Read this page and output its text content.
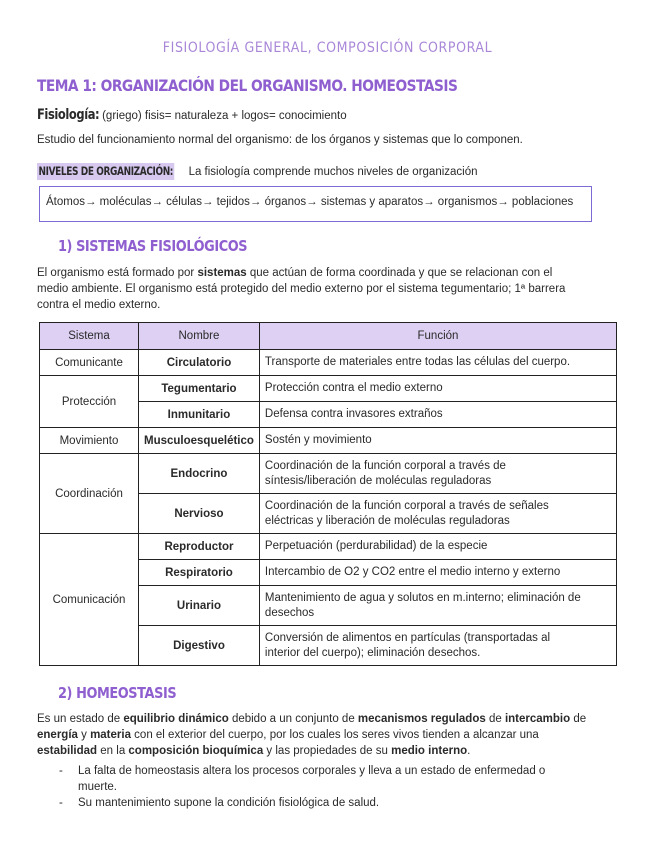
FISIOLOGÍA GENERAL, COMPOSICIÓN CORPORAL
TEMA 1: ORGANIZACIÓN DEL ORGANISMO. HOMEOSTASIS
Fisiología: (griego) fisis= naturaleza + logos= conocimiento
Estudio del funcionamiento normal del organismo: de los órganos y sistemas que lo componen.
NIVELES DE ORGANIZACIÓN: La fisiología comprende muchos niveles de organización
Átomos→ moléculas→ células→ tejidos→ órganos→ sistemas y aparatos→ organismos→ poblaciones
1) SISTEMAS FISIOLÓGICOS
El organismo está formado por sistemas que actúan de forma coordinada y que se relacionan con el
medio ambiente. El organismo está protegido del medio externo por el sistema tegumentario; 1ª barrera
contra el medio externo.
Sistema	Nombre	Función
Comunicante	Circulatorio	Transporte de materiales entre todas las células del cuerpo.
Protección	Tegumentario	Protección contra el medio externo
	Inmunitario	Defensa contra invasores extraños
Movimiento	Musculoesquelético	Sostén y movimiento
Coordinación	Endocrino	Coordinación de la función corporal a través de
síntesis/liberación de moléculas reguladoras

	Nervioso	Coordinación de la función corporal a través de señales
eléctricas y liberación de moléculas reguladoras

Comunicación	Reproductor	Perpetuación (perdurabilidad) de la especie
	Respiratorio	Intercambio de O2 y CO2 entre el medio interno y externo
	Urinario	Mantenimiento de agua y solutos en m.interno; eliminación de
desechos

	Digestivo	Conversión de alimentos en partículas (transportadas al
interior del cuerpo); eliminación desechos.
2) HOMEOSTASIS
Es un estado de equilibrio dinámico debido a un conjunto de mecanismos regulados de intercambio de
energía y materia con el exterior del cuerpo, por los cuales los seres vivos tienden a alcanzar una
estabilidad en la composición bioquímica y las propiedades de su medio interno.
- La falta de homeostasis altera los procesos corporales y lleva a un estado de enfermedad o
muerte.
- Su mantenimiento supone la condición fisiológica de salud.
